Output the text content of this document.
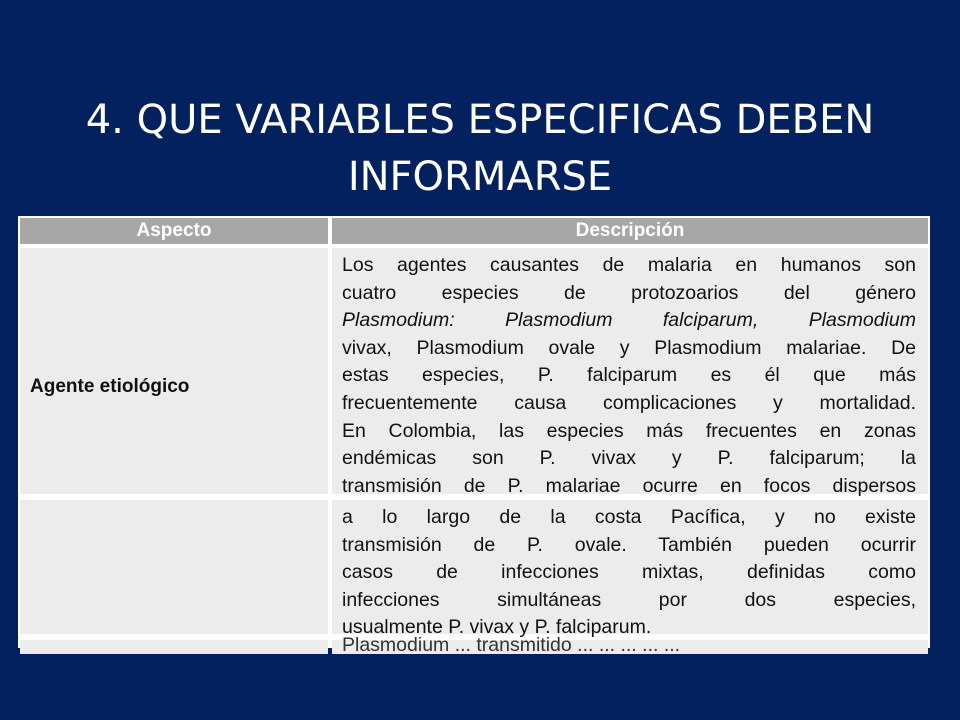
4. QUE VARIABLES ESPECIFICAS DEBEN
INFORMARSE
Aspecto	Descripción
Agente etiológico
Los agentes causantes de malaria en humanos son
cuatro especies de protozoarios del género
Plasmodium: Plasmodium falciparum, Plasmodium
vivax, Plasmodium ovale y Plasmodium malariae. De
estas especies, P. falciparum es él que más
frecuentemente causa complicaciones y mortalidad.
En Colombia, las especies más frecuentes en zonas
endémicas son P. vivax y P. falciparum; la
transmisión de P. malariae ocurre en focos dispersos
a lo largo de la costa Pacífica, y no existe
transmisión de P. ovale. También pueden ocurrir
casos de infecciones mixtas, definidas como
infecciones simultáneas por dos especies,
usualmente P. vivax y P. falciparum.
Plasmodium ... transmitido ... ... ... ... ...
